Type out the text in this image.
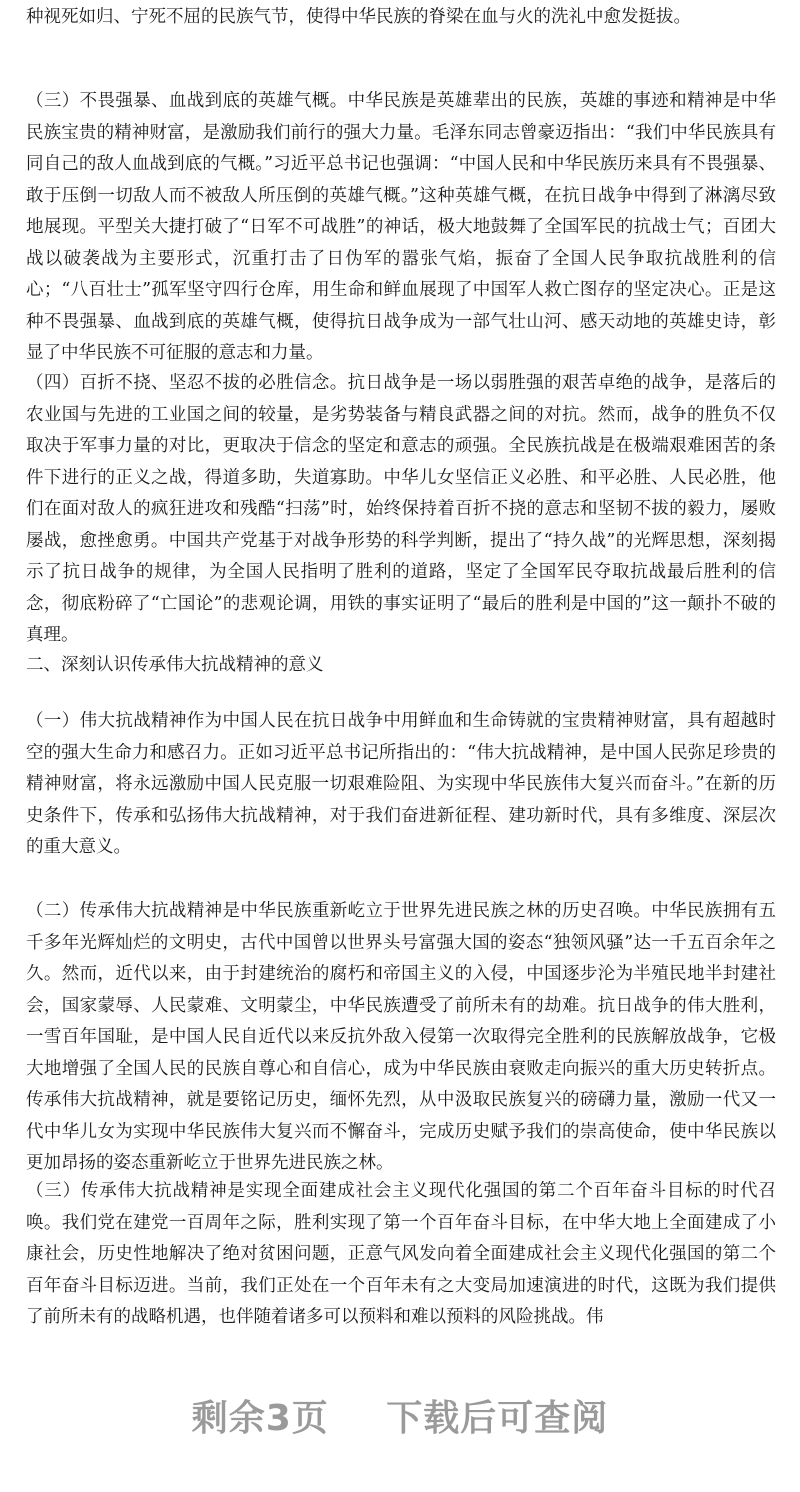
种视死如归、宁死不屈的民族气节，使得中华民族的脊梁在血与火的洗礼中愈发挺拔。

（三）不畏强暴、血战到底的英雄气概。中华民族是英雄辈出的民族，英雄的事迹和精神是中华民族宝贵的精神财富，是激励我们前行的强大力量。毛泽东同志曾豪迈指出：“我们中华民族具有同自己的敌人血战到底的气概。”习近平总书记也强调：“中国人民和中华民族历来具有不畏强暴、敢于压倒一切敌人而不被敌人所压倒的英雄气概。”这种英雄气概，在抗日战争中得到了淋漓尽致地展现。平型关大捷打破了“日军不可战胜”的神话，极大地鼓舞了全国军民的抗战士气；百团大战以破袭战为主要形式，沉重打击了日伪军的嚣张气焰，振奋了全国人民争取抗战胜利的信心；“八百壮士”孤军坚守四行仓库，用生命和鲜血展现了中国军人救亡图存的坚定决心。正是这种不畏强暴、血战到底的英雄气概，使得抗日战争成为一部气壮山河、感天动地的英雄史诗，彰显了中华民族不可征服的意志和力量。

（四）百折不挠、坚忍不拔的必胜信念。抗日战争是一场以弱胜强的艰苦卓绝的战争，是落后的农业国与先进的工业国之间的较量，是劣势装备与精良武器之间的对抗。然而，战争的胜负不仅取决于军事力量的对比，更取决于信念的坚定和意志的顽强。全民族抗战是在极端艰难困苦的条件下进行的正义之战，得道多助，失道寡助。中华儿女坚信正义必胜、和平必胜、人民必胜，他们在面对敌人的疯狂进攻和残酷“扫荡”时，始终保持着百折不挠的意志和坚韧不拔的毅力，屡败屡战，愈挫愈勇。中国共产党基于对战争形势的科学判断，提出了“持久战”的光辉思想，深刻揭示了抗日战争的规律，为全国人民指明了胜利的道路，坚定了全国军民夺取抗战最后胜利的信念，彻底粉碎了“亡国论”的悲观论调，用铁的事实证明了“最后的胜利是中国的”这一颠扑不破的真理。

二、深刻认识传承伟大抗战精神的意义

（一）伟大抗战精神作为中国人民在抗日战争中用鲜血和生命铸就的宝贵精神财富，具有超越时空的强大生命力和感召力。正如习近平总书记所指出的：“伟大抗战精神，是中国人民弥足珍贵的精神财富，将永远激励中国人民克服一切艰难险阻、为实现中华民族伟大复兴而奋斗。”在新的历史条件下，传承和弘扬伟大抗战精神，对于我们奋进新征程、建功新时代，具有多维度、深层次的重大意义。

（二）传承伟大抗战精神是中华民族重新屹立于世界先进民族之林的历史召唤。中华民族拥有五千多年光辉灿烂的文明史，古代中国曾以世界头号富强大国的姿态“独领风骚”达一千五百余年之久。然而，近代以来，由于封建统治的腐朽和帝国主义的入侵，中国逐步沦为半殖民地半封建社会，国家蒙辱、人民蒙难、文明蒙尘，中华民族遭受了前所未有的劫难。抗日战争的伟大胜利，一雪百年国耻，是中国人民自近代以来反抗外敌入侵第一次取得完全胜利的民族解放战争，它极大地增强了全国人民的民族自尊心和自信心，成为中华民族由衰败走向振兴的重大历史转折点。传承伟大抗战精神，就是要铭记历史，缅怀先烈，从中汲取民族复兴的磅礴力量，激励一代又一代中华儿女为实现中华民族伟大复兴而不懈奋斗，完成历史赋予我们的崇高使命，使中华民族以更加昂扬的姿态重新屹立于世界先进民族之林。

（三）传承伟大抗战精神是实现全面建成社会主义现代化强国的第二个百年奋斗目标的时代召唤。我们党在建党一百周年之际，胜利实现了第一个百年奋斗目标，在中华大地上全面建成了小康社会，历史性地解决了绝对贫困问题，正意气风发向着全面建成社会主义现代化强国的第二个百年奋斗目标迈进。当前，我们正处在一个百年未有之大变局加速演进的时代，这既为我们提供了前所未有的战略机遇，也伴随着诸多可以预料和难以预料的风险挑战。伟

剩余3页 下载后可查阅
